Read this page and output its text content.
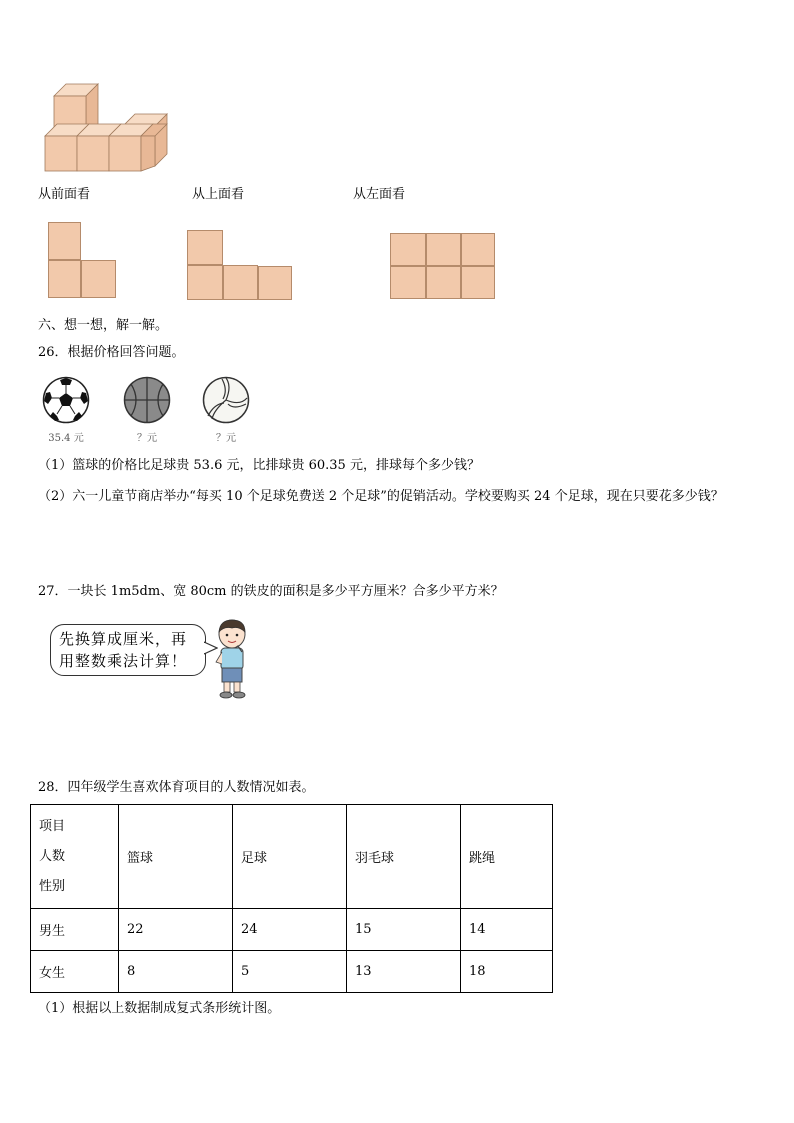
从前面看	从上面看	从左面看
六、想一想，解一解。
26．根据价格回答问题。
35.4 元	？元	？元
（1）篮球的价格比足球贵 53.6 元，比排球贵 60.35 元，排球每个多少钱？
（2）六一儿童节商店举办“每买 10 个足球免费送 2 个足球”的促销活动。学校要购买 24 个足球，现在只要花多少钱？
27．一块长 1m5dm、宽 80cm 的铁皮的面积是多少平方厘米？合多少平方米？
先换算成厘米，再
用整数乘法计算！
28．四年级学生喜欢体育项目的人数情况如表。
项目
人数
性别	篮球	足球	羽毛球	跳绳
男生	22	24	15	14
女生	8	5	13	18
（1）根据以上数据制成复式条形统计图。
